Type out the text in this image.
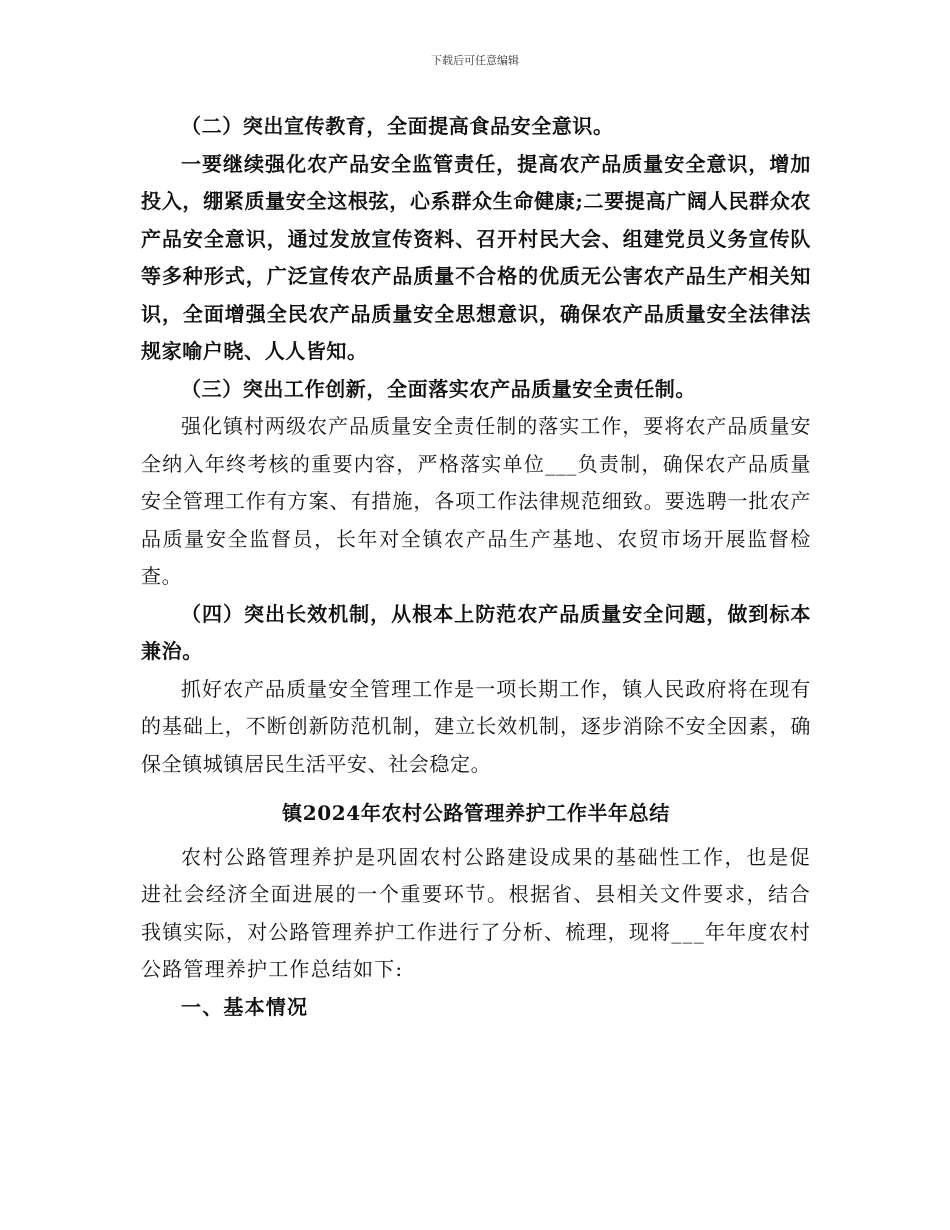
下载后可任意编辑

（二）突出宣传教育，全面提高食品安全意识。

一要继续强化农产品安全监管责任，提高农产品质量安全意识，增加投入，绷紧质量安全这根弦，心系群众生命健康;二要提高广阔人民群众农产品安全意识，通过发放宣传资料、召开村民大会、组建党员义务宣传队等多种形式，广泛宣传农产品质量不合格的优质无公害农产品生产相关知识，全面增强全民农产品质量安全思想意识，确保农产品质量安全法律法规家喻户晓、人人皆知。

（三）突出工作创新，全面落实农产品质量安全责任制。

强化镇村两级农产品质量安全责任制的落实工作，要将农产品质量安全纳入年终考核的重要内容，严格落实单位___负责制，确保农产品质量安全管理工作有方案、有措施，各项工作法律规范细致。要选聘一批农产品质量安全监督员，长年对全镇农产品生产基地、农贸市场开展监督检查。

（四）突出长效机制，从根本上防范农产品质量安全问题，做到标本兼治。

抓好农产品质量安全管理工作是一项长期工作，镇人民政府将在现有的基础上，不断创新防范机制，建立长效机制，逐步消除不安全因素，确保全镇城镇居民生活平安、社会稳定。

镇2024年农村公路管理养护工作半年总结

农村公路管理养护是巩固农村公路建设成果的基础性工作，也是促进社会经济全面进展的一个重要环节。根据省、县相关文件要求，结合我镇实际，对公路管理养护工作进行了分析、梳理，现将___年年度农村公路管理养护工作总结如下:

一、基本情况
